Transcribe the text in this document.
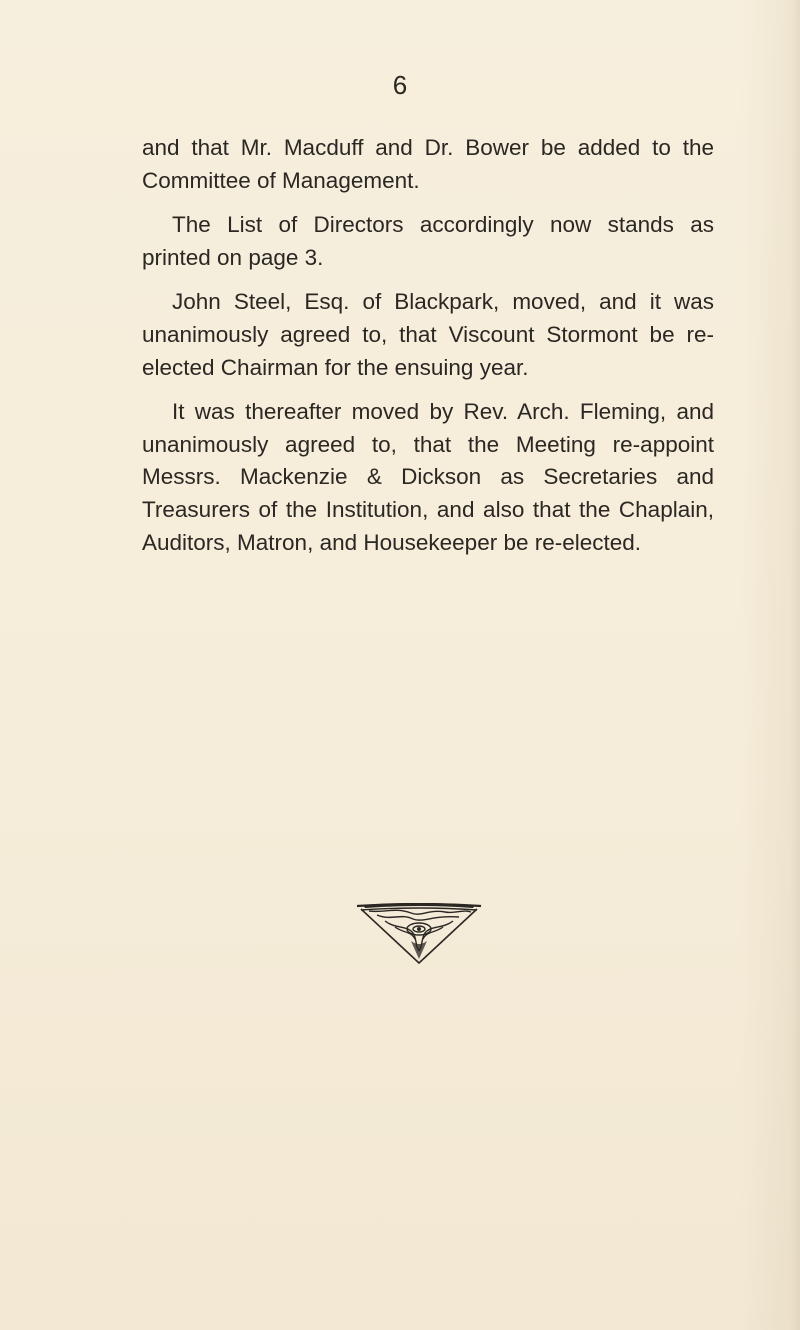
6

and that Mr. Macduff and Dr. Bower be added to the Committee of Management.

The List of Directors accordingly now stands as printed on page 3.

John Steel, Esq. of Blackpark, moved, and it was unanimously agreed to, that Viscount Stormont be re-elected Chairman for the ensuing year.

It was thereafter moved by Rev. Arch. Fleming, and unanimously agreed to, that the Meeting re-appoint Messrs. Mackenzie & Dickson as Secretaries and Treasurers of the Institution, and also that the Chaplain, Auditors, Matron, and Housekeeper be re-elected.
